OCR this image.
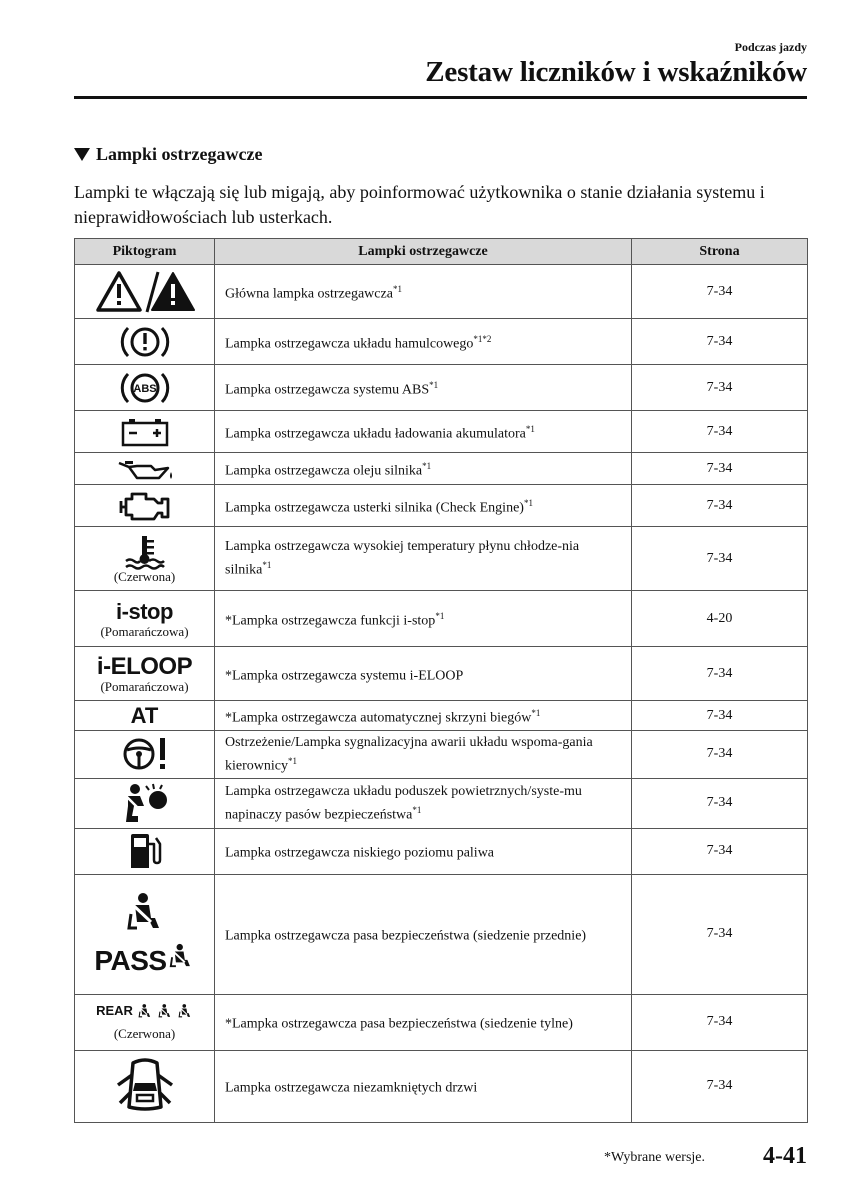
Podczas jazdy
Zestaw liczników i wskaźników
Lampki ostrzegawcze

Lampki te włączają się lub migają, aby poinformować użytkownika o stanie działania systemu i nieprawidłowościach lub usterkach.

Piktogram	Lampki ostrzegawcze	Strona
	Główna lampka ostrzegawcza$^{*1}$	7-34
	Lampka ostrzegawcza układu hamulcowego$^{*1*2}$	7-34

ABS	Lampka ostrzegawcza systemu ABS$^{*1}$	7-34
	Lampka ostrzegawcza układu ładowania akumulatora$^{*1}$	7-34
	Lampka ostrzegawcza oleju silnika$^{*1}$	7-34
	Lampka ostrzegawcza usterki silnika (Check Engine)$^{*1}$	7-34

(Czerwona)	Lampka ostrzegawcza wysokiej temperatury płynu chłodze-nia silnika$^{*1}$	7-34

i-stop
(Pomarańczowa)	*Lampka ostrzegawcza funkcji i-stop$^{*1}$	4-20

i-ELOOP
(Pomarańczowa)	*Lampka ostrzegawcza systemu i-ELOOP	7-34
AT	*Lampka ostrzegawcza automatycznej skrzyni biegów$^{*1}$	7-34
	Ostrzeżenie/Lampka sygnalizacyjna awarii układu wspoma-gania kierownicy$^{*1}$	7-34
	Lampka ostrzegawcza układu poduszek powietrznych/syste-mu napinaczy pasów bezpieczeństwa$^{*1}$	7-34
	Lampka ostrzegawcza niskiego poziomu paliwa	7-34

PASS	Lampka ostrzegawcza pasa bezpieczeństwa (siedzenie przednie)	7-34

REAR
(Czerwona)	*Lampka ostrzegawcza pasa bezpieczeństwa (siedzenie tylne)	7-34
	Lampka ostrzegawcza niezamkniętych drzwi	7-34
*Wybrane wersje. 4-41
